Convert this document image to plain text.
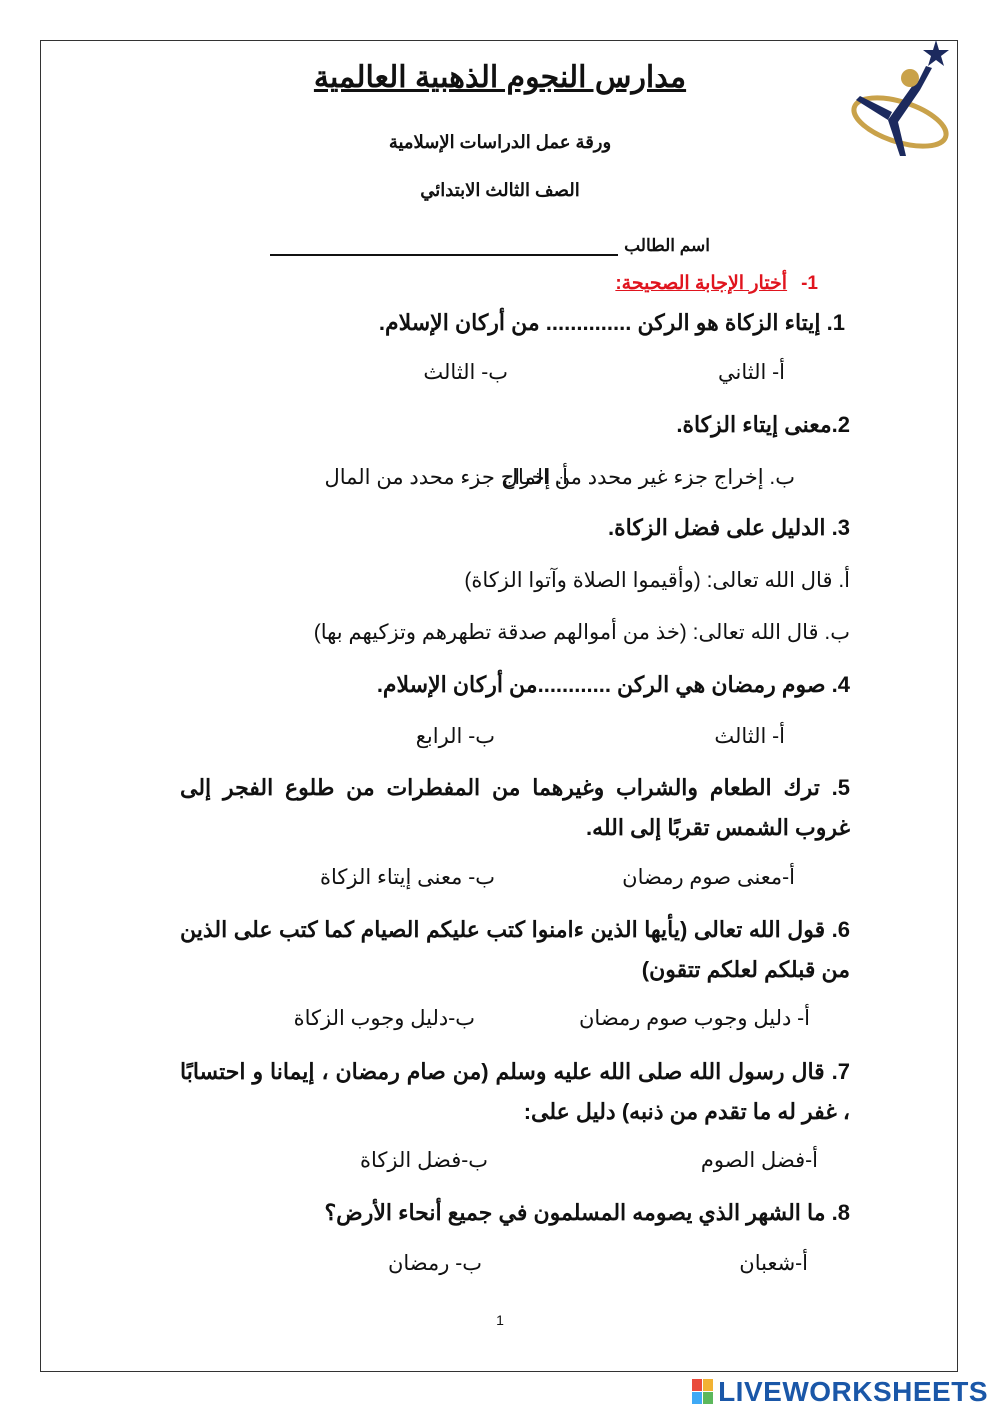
مدارس النجوم الذهبية العالمية
ورقة عمل الدراسات الإسلامية
الصف الثالث الابتدائي
اسم الطالب
1-أختار الإجابة الصحيحة:
1. إيتاء الزكاة هو الركن .............. من أركان الإسلام.
أ- الثاني
ب- الثالث
2.معنى إيتاء الزكاة.
أ. إخراج جزء محدد من المال
ب. إخراج جزء غير محدد من المال
3. الدليل على فضل الزكاة.
أ. قال الله تعالى: (وأقيموا الصلاة وآتوا الزكاة)
ب. قال الله تعالى: (خذ من أموالهم صدقة تطهرهم وتزكيهم بها)
4. صوم رمضان هي الركن ............من أركان الإسلام.
أ- الثالث
ب- الرابع
5. ترك الطعام والشراب وغيرهما من المفطرات من طلوع الفجر إلى غروب الشمس تقربًا إلى الله.
أ-معنى صوم رمضان
ب- معنى إيتاء الزكاة
6. قول الله تعالى (يأيها الذين ءامنوا كتب عليكم الصيام كما كتب على الذين من قبلكم لعلكم تتقون)
أ- دليل وجوب صوم رمضان
ب-دليل وجوب الزكاة
7. قال رسول الله صلى الله عليه وسلم (من صام رمضان ، إيمانا و احتسابًا ، غفر له ما تقدم من ذنبه) دليل على:
أ-فضل الصوم
ب-فضل الزكاة
8. ما الشهر الذي يصومه المسلمون في جميع أنحاء الأرض؟
أ-شعبان
ب- رمضان
1
LIVEWORKSHEETS
